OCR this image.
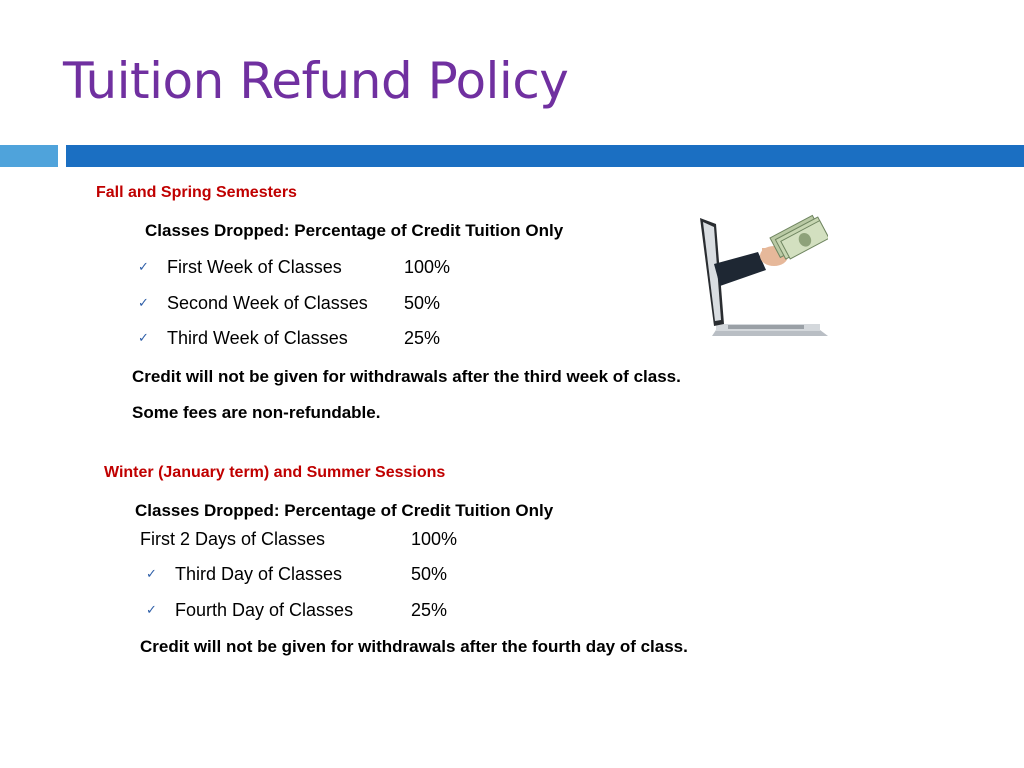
Tuition Refund Policy
Fall and Spring Semesters
Classes Dropped: Percentage of Credit Tuition Only
✓ First Week of Classes	100%
✓ Second Week of Classes 50%
✓ Third Week of Classes	25%
Credit will not be given for withdrawals after the third week of class.
Some fees are non-refundable.
Winter (January term) and Summer Sessions
Classes Dropped: Percentage of Credit Tuition Only
First 2 Days of Classes	100%
✓ Third Day of Classes	50%
✓ Fourth Day of Classes	25%
Credit will not be given for withdrawals after the fourth day of class.
